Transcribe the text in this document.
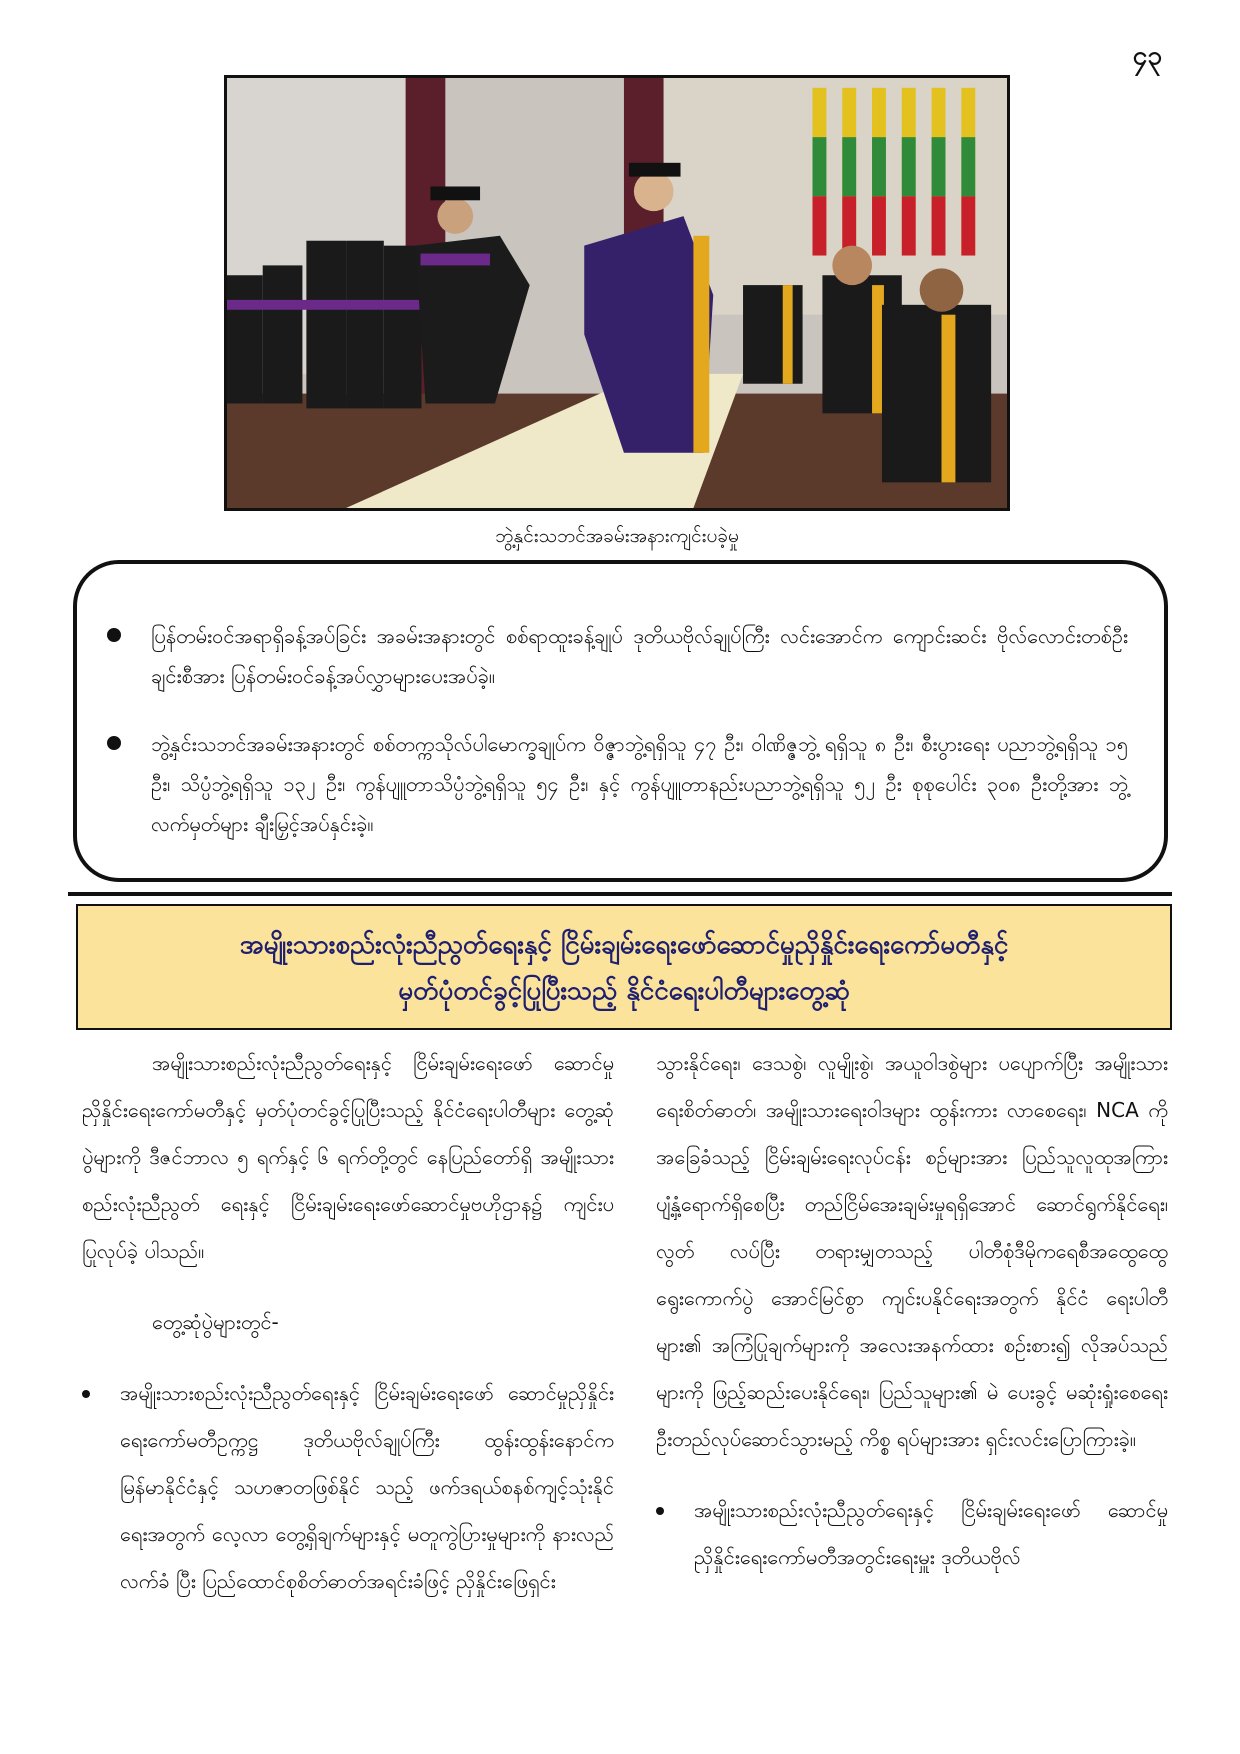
၄၃
ဘွဲ့နှင်းသဘင်အခမ်းအနားကျင်းပခဲ့မှု
ပြန်တမ်းဝင်အရာရှိခန့်အပ်ခြင်း အခမ်းအနားတွင် စစ်ရာထူးခန့်ချုပ် ဒုတိယဗိုလ်ချုပ်ကြီး လင်းအောင်က ကျောင်းဆင်း ဗိုလ်လောင်းတစ်ဦးချင်းစီအား ပြန်တမ်းဝင်ခန့်အပ်လွှာများပေးအပ်ခဲ့။
ဘွဲ့နှင်းသဘင်အခမ်းအနားတွင် စစ်တက္ကသိုလ်ပါမောက္ခချုပ်က ဝိဇ္ဇာဘွဲ့ရရှိသူ ၄၇ ဦး၊ ဝါဏိဇ္ဇဘွဲ့ ရရှိသူ ၈ ဦး၊ စီးပွားရေး ပညာဘွဲ့ရရှိသူ ၁၅ ဦး၊ သိပ္ပံဘွဲ့ရရှိသူ ၁၃၂ ဦး၊ ကွန်ပျူတာသိပ္ပံဘွဲ့ရရှိသူ ၅၄ ဦး၊ နှင့် ကွန်ပျူတာနည်းပညာဘွဲ့ရရှိသူ ၅၂ ဦး စုစုပေါင်း ၃၀၈ ဦးတို့အား ဘွဲ့လက်မှတ်များ ချီးမြှင့်အပ်နှင်းခဲ့။
အမျိုးသားစည်းလုံးညီညွတ်ရေးနှင့် ငြိမ်းချမ်းရေးဖော်ဆောင်မှုညှိနှိုင်းရေးကော်မတီနှင့်
မှတ်ပုံတင်ခွင့်ပြုပြီးသည့် နိုင်ငံရေးပါတီများတွေ့ဆုံ

အမျိုးသားစည်းလုံးညီညွတ်ရေးနှင့် ငြိမ်းချမ်းရေးဖော် ဆောင်မှု ညှိနှိုင်းရေးကော်မတီနှင့် မှတ်ပုံတင်ခွင့်ပြုပြီးသည့် နိုင်ငံရေးပါတီများ တွေ့ဆုံပွဲများကို ဒီဇင်ဘာလ ၅ ရက်နှင့် ၆ ရက်တို့တွင် နေပြည်တော်ရှိ အမျိုးသားစည်းလုံးညီညွတ် ရေးနှင့် ငြိမ်းချမ်းရေးဖော်ဆောင်မှုဗဟိုဌာန၌ ကျင်းပပြုလုပ်ခဲ့ ပါသည်။

တွေ့ဆုံပွဲများတွင်-

အမျိုးသားစည်းလုံးညီညွတ်ရေးနှင့် ငြိမ်းချမ်းရေးဖော် ဆောင်မှုညှိနှိုင်းရေးကော်မတီဥက္ကဋ္ဌ ဒုတိယဗိုလ်ချုပ်ကြီး ထွန်းထွန်းနောင်က မြန်မာနိုင်ငံနှင့် သဟဇာတဖြစ်နိုင် သည့် ဖက်ဒရယ်စနစ်ကျင့်သုံးနိုင်ရေးအတွက် လေ့လာ တွေ့ရှိချက်များနှင့် မတူကွဲပြားမှုများကို နားလည်လက်ခံ ပြီး ပြည်ထောင်စုစိတ်ဓာတ်အရင်းခံဖြင့် ညှိနှိုင်းဖြေရှင်း

သွားနိုင်ရေး၊ ဒေသစွဲ၊ လူမျိုးစွဲ၊ အယူဝါဒစွဲများ ပပျောက်ပြီး အမျိုးသားရေးစိတ်ဓာတ်၊ အမျိုးသားရေးဝါဒများ ထွန်းကား လာစေရေး၊ NCA ကို အခြေခံသည့် ငြိမ်းချမ်းရေးလုပ်ငန်း စဉ်များအား ပြည်သူလူထုအကြား ပျံ့နှံ့ရောက်ရှိစေပြီး တည်ငြိမ်အေးချမ်းမှုရရှိအောင် ဆောင်ရွက်နိုင်ရေး၊ လွတ် လပ်ပြီး တရားမျှတသည့် ပါတီစုံဒီမိုကရေစီအထွေထွေ ရွေးကောက်ပွဲ အောင်မြင်စွာ ကျင်းပနိုင်ရေးအတွက် နိုင်ငံ ရေးပါတီများ၏ အကြံပြုချက်များကို အလေးအနက်ထား စဉ်းစား၍ လိုအပ်သည်များကို ဖြည့်ဆည်းပေးနိုင်ရေး၊ ပြည်သူများ၏ မဲ ပေးခွင့် မဆုံးရှုံးစေရေး ဦးတည်လုပ်ဆောင်သွားမည့် ကိစ္စ ရပ်များအား ရှင်းလင်းပြောကြားခဲ့။

အမျိုးသားစည်းလုံးညီညွတ်ရေးနှင့် ငြိမ်းချမ်းရေးဖော် ဆောင်မှု ညှိနှိုင်းရေးကော်မတီအတွင်းရေးမှူး ဒုတိယဗိုလ်
